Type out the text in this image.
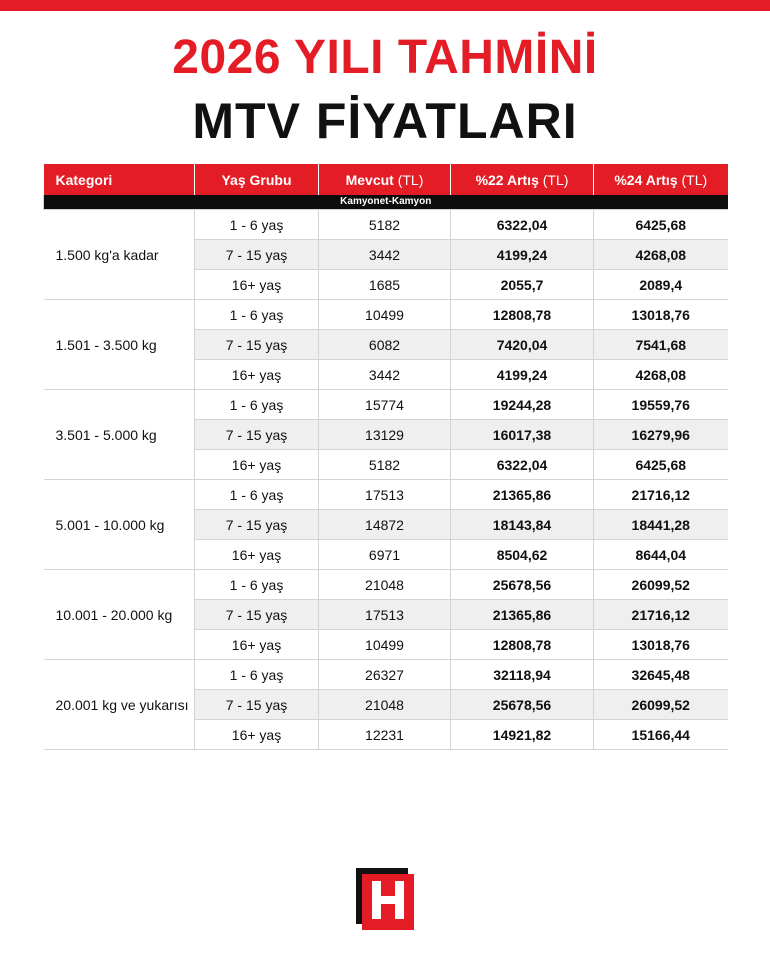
2026 YILI TAHMİNİ
MTV FİYATLARI
Kategori	Yaş Grubu	Mevcut (TL)	%22 Artış (TL)	%24 Artış (TL)
Kamyonet-Kamyon				
1.500 kg'a kadar	1 - 6 yaş	5182	6322,04	6425,68
	7 - 15 yaş	3442	4199,24	4268,08
	16+ yaş	1685	2055,7	2089,4
1.501 - 3.500 kg	1 - 6 yaş	10499	12808,78	13018,76
	7 - 15 yaş	6082	7420,04	7541,68
	16+ yaş	3442	4199,24	4268,08
3.501 - 5.000 kg	1 - 6 yaş	15774	19244,28	19559,76
	7 - 15 yaş	13129	16017,38	16279,96
	16+ yaş	5182	6322,04	6425,68
5.001 - 10.000 kg	1 - 6 yaş	17513	21365,86	21716,12
	7 - 15 yaş	14872	18143,84	18441,28
	16+ yaş	6971	8504,62	8644,04
10.001 - 20.000 kg	1 - 6 yaş	21048	25678,56	26099,52
	7 - 15 yaş	17513	21365,86	21716,12
	16+ yaş	10499	12808,78	13018,76
20.001 kg ve yukarısı	1 - 6 yaş	26327	32118,94	32645,48
	7 - 15 yaş	21048	25678,56	26099,52
	16+ yaş	12231	14921,82	15166,44
